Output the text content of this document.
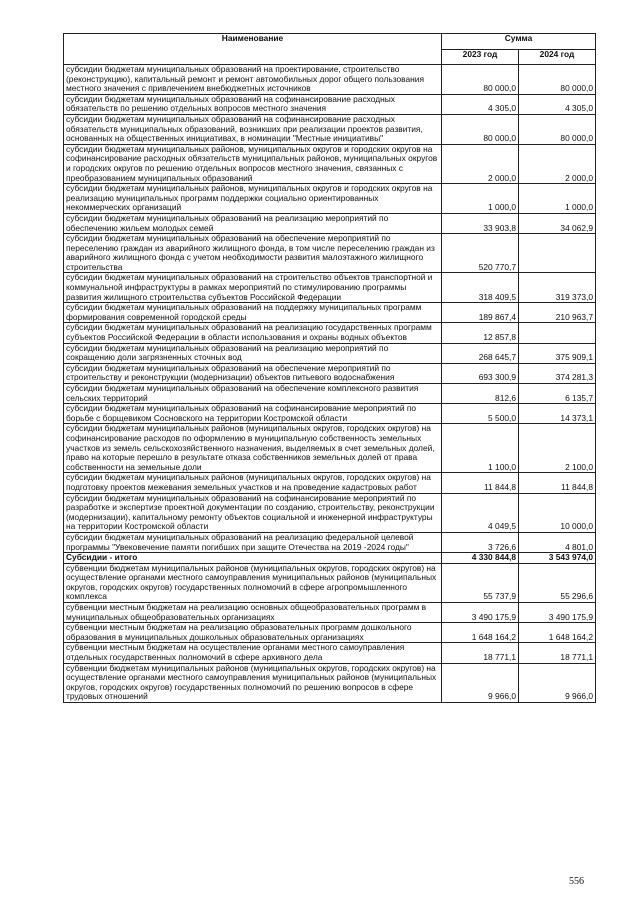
Наименование	Сумма	
	2023 год	2024 год
субсидии бюджетам муниципальных образований на проектирование, строительство (реконструкцию), капитальный ремонт и ремонт автомобильных дорог общего пользования местного значения с привлечением внебюджетных источников	80 000,0	80 000,0
субсидии бюджетам муниципальных образований на софинансирование расходных обязательств по решению отдельных вопросов местного значения	4 305,0	4 305,0
субсидии бюджетам муниципальных образований на софинансирование расходных обязательств муниципальных образований, возникших при реализации проектов развития, основанных на общественных инициативах, в номинации "Местные инициативы"	80 000,0	80 000,0
субсидии бюджетам муниципальных районов, муниципальных округов и городских округов на софинансирование расходных обязательств муниципальных районов, муниципальных округов и городских округов по решению отдельных вопросов местного значения, связанных с преобразованием муниципальных образований	2 000,0	2 000,0
субсидии бюджетам муниципальных районов, муниципальных округов и городских округов на реализацию муниципальных программ поддержки социально ориентированных некоммерческих организаций	1 000,0	1 000,0
субсидии бюджетам муниципальных образований на реализацию мероприятий по обеспечению жильем молодых семей	33 903,8	34 062,9
субсидии бюджетам муниципальных образований на обеспечение мероприятий по переселению граждан из аварийного жилищного фонда, в том числе переселению граждан из аварийного жилищного фонда с учетом необходимости развития малоэтажного жилищного строительства	520 770,7	
субсидии бюджетам муниципальных образований на строительство объектов транспортной и коммунальной инфраструктуры в рамках мероприятий по стимулированию программы развития жилищного строительства субъектов Российской Федерации	318 409,5	319 373,0
субсидии бюджетам муниципальных образований на поддержку муниципальных программ формирования современной городской среды	189 867,4	210 963,7
субсидии бюджетам муниципальных образований на реализацию государственных программ субъектов Российской Федерации в области использования и охраны водных объектов	12 857,8	
субсидии бюджетам муниципальных образований на реализацию мероприятий по сокращению доли загрязненных сточных вод	268 645,7	375 909,1
субсидии бюджетам муниципальных образований на обеспечение мероприятий по строительству и реконструкции (модернизации) объектов питьевого водоснабжения	693 300,9	374 281,3
субсидии бюджетам муниципальных образований на обеспечение комплексного развития сельских территорий	812,6	6 135,7
субсидии бюджетам муниципальных образований на софинансирование мероприятий по борьбе с борщевиком Сосновского на территории Костромской области	5 500,0	14 373,1
субсидии бюджетам муниципальных районов (муниципальных округов, городских округов) на софинансирование расходов по оформлению в муниципальную собственность земельных участков из земель сельскохозяйственного назначения, выделяемых в счет земельных долей, право на которые перешло в результате отказа собственников земельных долей от права собственности на земельные доли	1 100,0	2 100,0
субсидии бюджетам муниципальных районов (муниципальных округов, городских округов) на подготовку проектов межевания земельных участков и на проведение кадастровых работ	11 844,8	11 844,8
субсидии бюджетам муниципальных образований на софинансирование мероприятий по разработке и экспертизе проектной документации по созданию, строительству, реконструкции (модернизации), капитальному ремонту объектов социальной и инженерной инфраструктуры на территории Костромской области	4 049,5	10 000,0
субсидии бюджетам муниципальных образований на реализацию федеральной целевой программы "Увековечение памяти погибших при защите Отечества на 2019 -2024 годы"	3 726,6	4 801,0
Субсидии - итого	4 330 844,8	3 543 974,0
субвенции бюджетам муниципальных районов (муниципальных округов, городских округов) на осуществление органами местного самоуправления муниципальных районов (муниципальных округов, городских округов) государственных полномочий в сфере агропромышленного комплекса	55 737,9	55 296,6
субвенции местным бюджетам на реализацию основных общеобразовательных программ в муниципальных общеобразовательных организациях	3 490 175,9	3 490 175,9
субвенции местным бюджетам на реализацию образовательных программ дошкольного образования в муниципальных дошкольных образовательных организациях	1 648 164,2	1 648 164,2
субвенции местным бюджетам на осуществление органами местного самоуправления отдельных государственных полномочий в сфере архивного дела	18 771,1	18 771,1
субвенции бюджетам муниципальных районов (муниципальных округов, городских округов) на осуществление органами местного самоуправления муниципальных районов (муниципальных округов, городских округов) государственных полномочий по решению вопросов в сфере трудовых отношений	9 966,0	9 966,0
556
